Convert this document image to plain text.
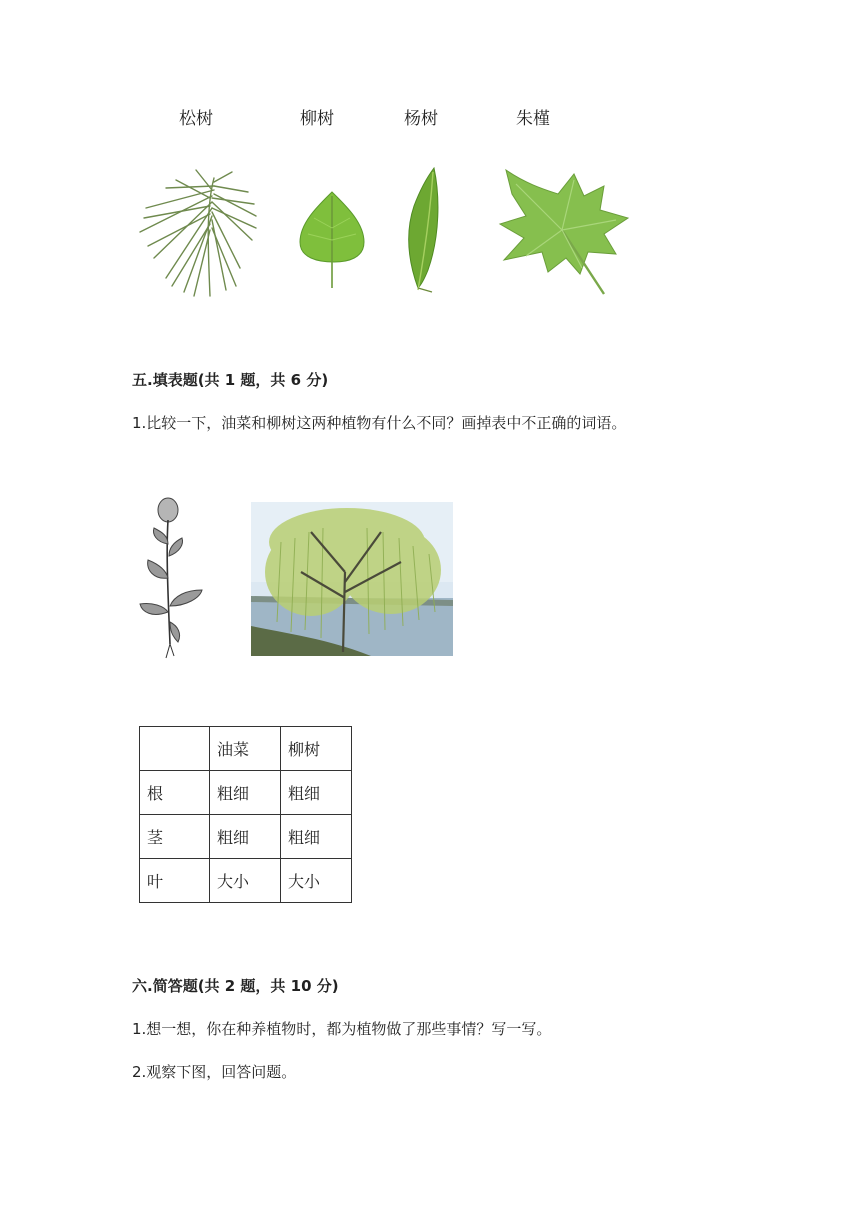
松树	柳树	杨树	朱槿
五.填表题(共 1 题，共 6 分)
1.比较一下，油菜和柳树这两种植物有什么不同？画掉表中不正确的词语。
	油菜	柳树
根	粗细	粗细
茎	粗细	粗细
叶	大小	大小
六.简答题(共 2 题，共 10 分)
1.想一想，你在种养植物时，都为植物做了那些事情？写一写。
2.观察下图，回答问题。
